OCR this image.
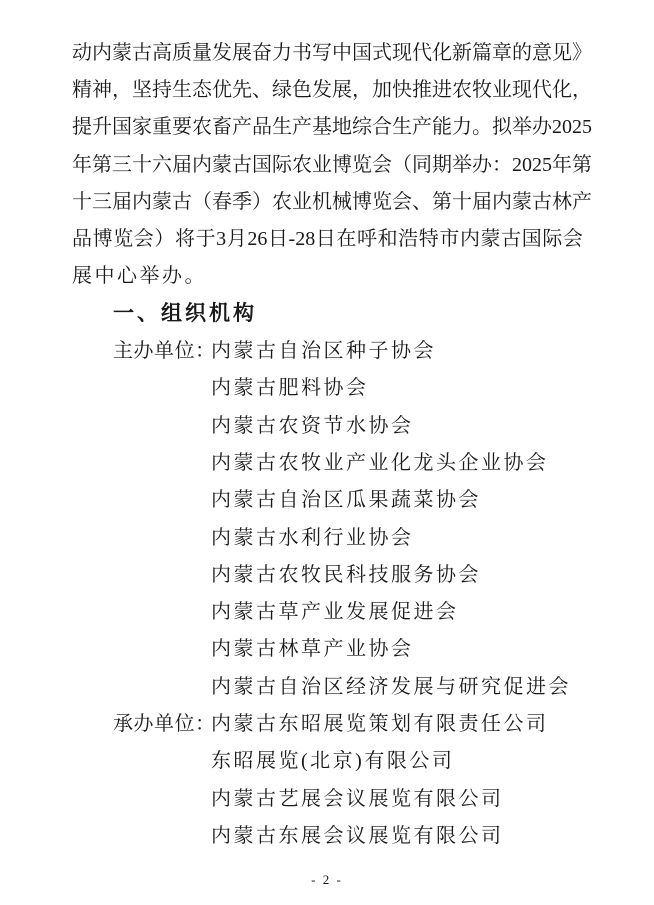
动 内 蒙 古 高 质 量 发 展 奋 力 书 写 中 国 式 现 代 化 新 篇 章 的 意 见 》
精 神 ， 坚 持 生 态 优 先 、 绿 色 发 展 ， 加 快 推 进 农 牧 业 现 代 化 ，
提 升 国 家 重 要 农 畜 产 品 生 产 基 地 综 合 生 产 能 力 。 拟 举 办 2025
年 第 三 十 六 届 内 蒙 古 国 际 农 业 博 览 会 （ 同 期 举 办 ： 2025 年 第
十 三 届 内 蒙 古 （ 春 季 ） 农 业 机 械 博 览 会 、 第 十 届 内 蒙 古 林 产
品 博 览 会 ） 将 于 3 月 26 日 -28 日 在 呼 和 浩 特 市 内 蒙 古 国 际 会
展中心举办。
一、组织机构
主办单位：
内蒙古自治区种子协会
内蒙古肥料协会
内蒙古农资节水协会
内蒙古农牧业产业化龙头企业协会
内蒙古自治区瓜果蔬菜协会
内蒙古水利行业协会
内蒙古农牧民科技服务协会
内蒙古草产业发展促进会
内蒙古林草产业协会
内蒙古自治区经济发展与研究促进会
承办单位：
内蒙古东昭展览策划有限责任公司
东昭展览(北京)有限公司
内蒙古艺展会议展览有限公司
内蒙古东展会议展览有限公司
- 2 -
